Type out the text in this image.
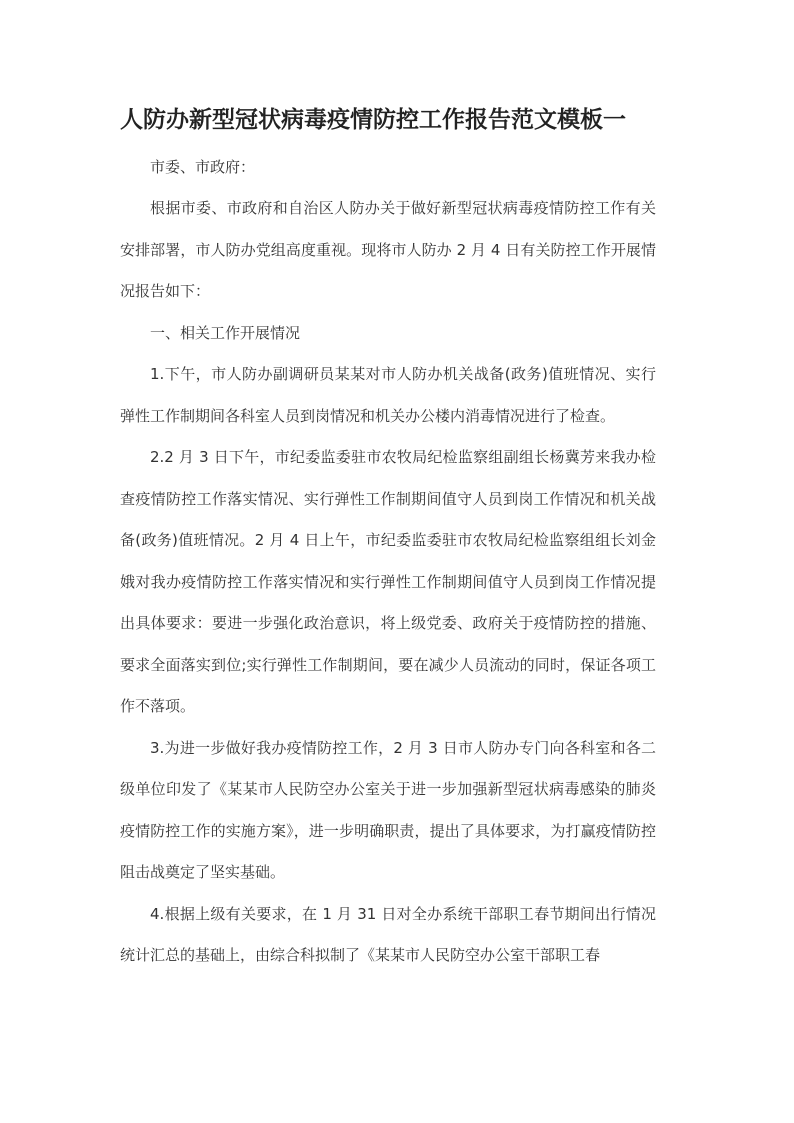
人防办新型冠状病毒疫情防控工作报告范文模板一

市委、市政府：

根据市委、市政府和自治区人防办关于做好新型冠状病毒疫情防控工作有关安排部署，市人防办党组高度重视。现将市人防办 2 月 4 日有关防控工作开展情况报告如下：

一、相关工作开展情况

1.下午，市人防办副调研员某某对市人防办机关战备(政务)值班情况、实行弹性工作制期间各科室人员到岗情况和机关办公楼内消毒情况进行了检查。

2.2 月 3 日下午，市纪委监委驻市农牧局纪检监察组副组长杨冀芳来我办检查疫情防控工作落实情况、实行弹性工作制期间值守人员到岗工作情况和机关战备(政务)值班情况。2 月 4 日上午，市纪委监委驻市农牧局纪检监察组组长刘金娥对我办疫情防控工作落实情况和实行弹性工作制期间值守人员到岗工作情况提出具体要求：要进一步强化政治意识，将上级党委、政府关于疫情防控的措施、要求全面落实到位;实行弹性工作制期间，要在减少人员流动的同时，保证各项工作不落项。

3.为进一步做好我办疫情防控工作，2 月 3 日市人防办专门向各科室和各二级单位印发了《某某市人民防空办公室关于进一步加强新型冠状病毒感染的肺炎疫情防控工作的实施方案》，进一步明确职责，提出了具体要求，为打赢疫情防控阻击战奠定了坚实基础。

4.根据上级有关要求，在 1 月 31 日对全办系统干部职工春节期间出行情况统计汇总的基础上，由综合科拟制了《某某市人民防空办公室干部职工春
